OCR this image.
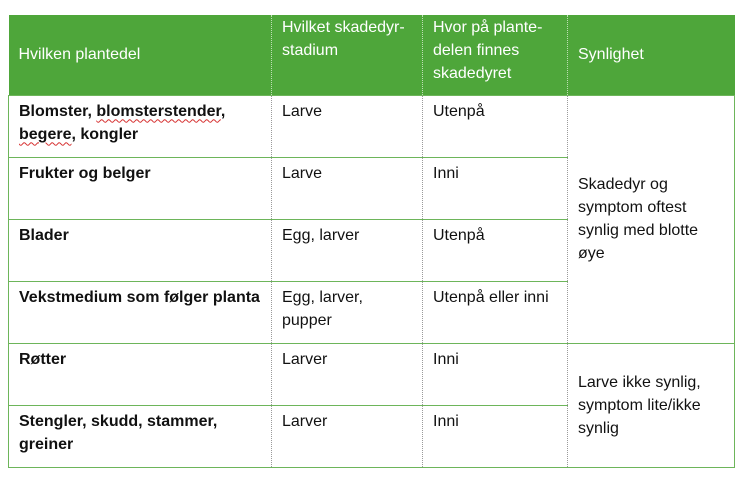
Hvilken plantedel	Hvilket skadedyr-stadium	Hvor på plante-delen finnes skadedyret	Synlighet
Blomster, blomsterstender, begere, kongler	Larve	Utenpå	Skadedyr og symptom oftest synlig med blotte øye
Frukter og belger	Larve	Inni	
Blader	Egg, larver	Utenpå	
Vekstmedium som følger planta	Egg, larver, pupper	Utenpå eller inni	
Røtter	Larver	Inni	Larve ikke synlig, symptom lite/ikke synlig
Stengler, skudd, stammer, greiner	Larver	Inni	
